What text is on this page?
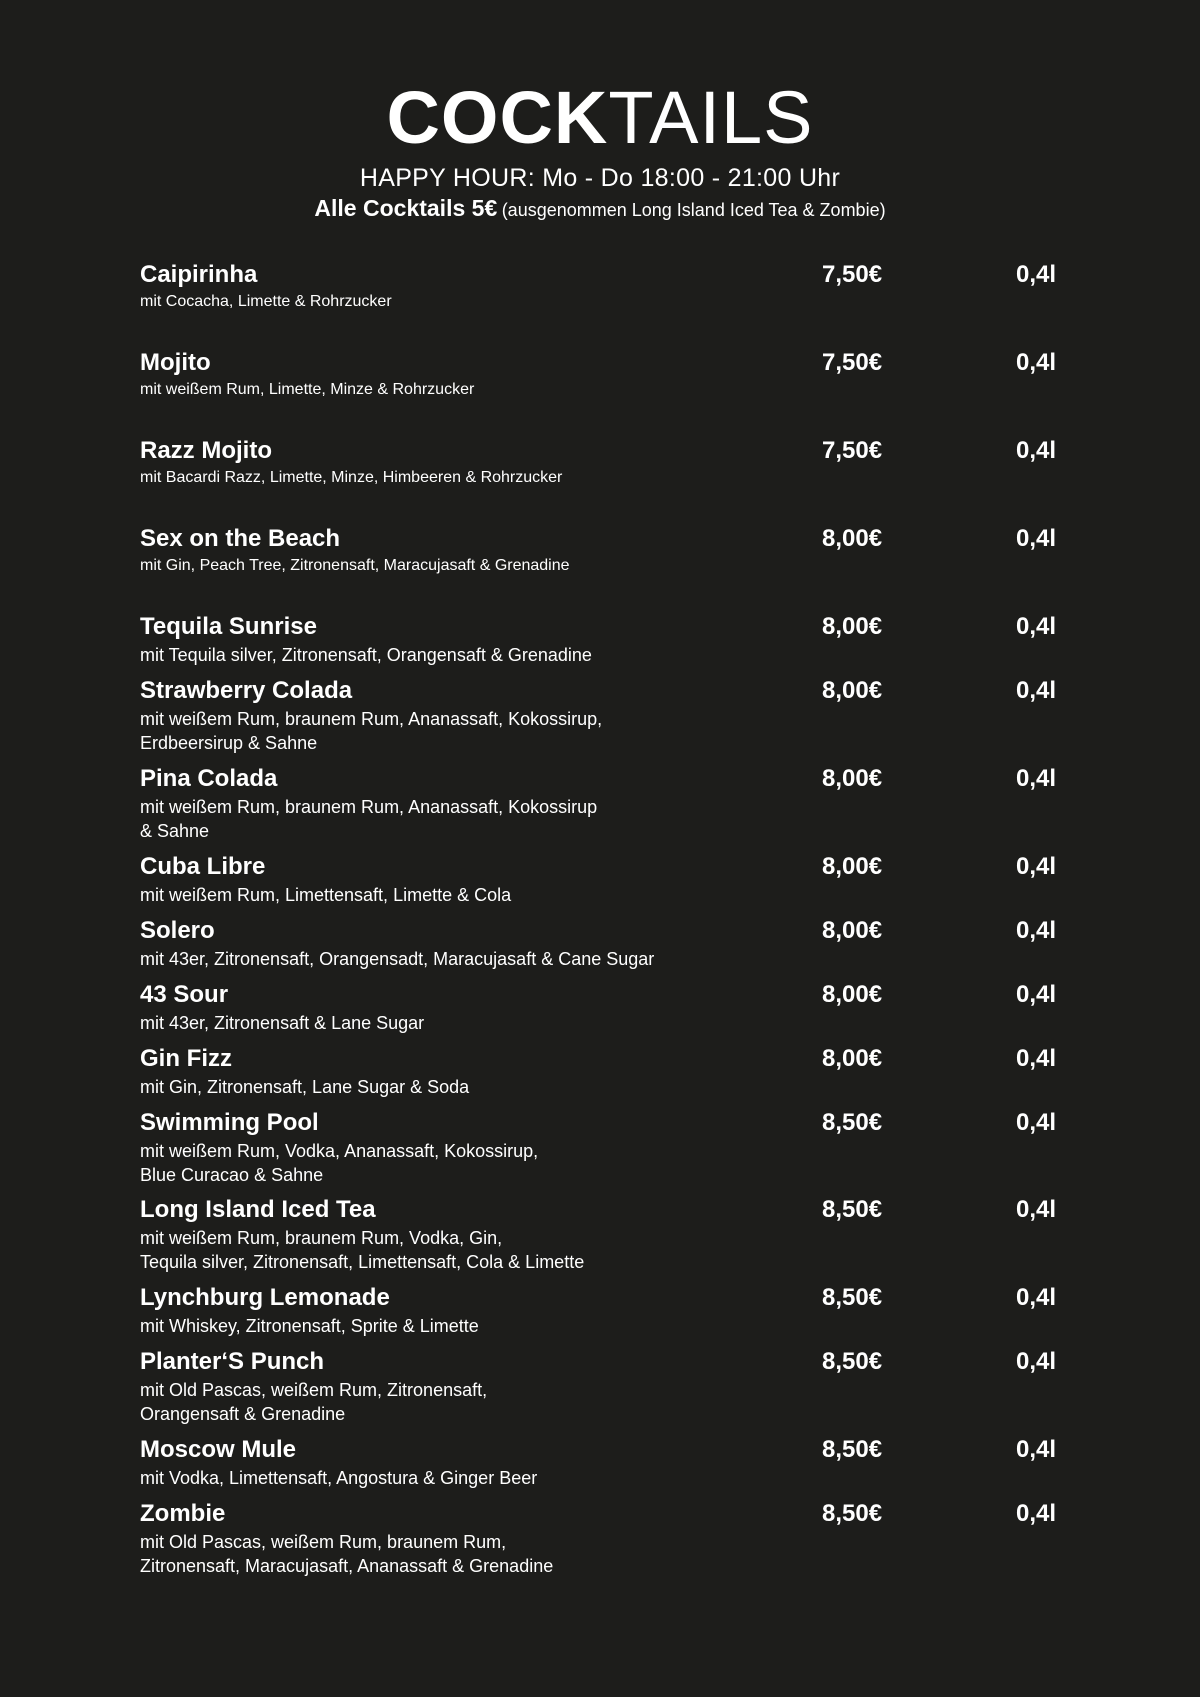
COCKTAILS
HAPPY HOUR: Mo - Do 18:00 - 21:00 Uhr
Alle Cocktails 5€ (ausgenommen Long Island Iced Tea & Zombie)
Caipirinha
mit Cocacha, Limette & Rohrzucker
7,50€	0,4l
Mojito
mit weißem Rum, Limette, Minze & Rohrzucker
7,50€	0,4l
Razz Mojito
mit Bacardi Razz, Limette, Minze, Himbeeren & Rohrzucker
7,50€	0,4l
Sex on the Beach
mit Gin, Peach Tree, Zitronensaft, Maracujasaft & Grenadine
8,00€	0,4l
Tequila Sunrise
mit Tequila silver, Zitronensaft, Orangensaft & Grenadine
8,00€	0,4l
Strawberry Colada
mit weißem Rum, braunem Rum, Ananassaft, Kokossirup,
Erdbeersirup & Sahne
8,00€	0,4l
Pina Colada
mit weißem Rum, braunem Rum, Ananassaft, Kokossirup
& Sahne
8,00€	0,4l
Cuba Libre
mit weißem Rum, Limettensaft, Limette & Cola
8,00€	0,4l
Solero
mit 43er, Zitronensaft, Orangensadt, Maracujasaft & Cane Sugar
8,00€	0,4l
43 Sour
mit 43er, Zitronensaft & Lane Sugar
8,00€	0,4l
Gin Fizz
mit Gin, Zitronensaft, Lane Sugar & Soda
8,00€	0,4l
Swimming Pool
mit weißem Rum, Vodka, Ananassaft, Kokossirup,
Blue Curacao & Sahne
8,50€	0,4l
Long Island Iced Tea
mit weißem Rum, braunem Rum, Vodka, Gin,
Tequila silver, Zitronensaft, Limettensaft, Cola & Limette
8,50€	0,4l
Lynchburg Lemonade
mit Whiskey, Zitronensaft, Sprite & Limette
8,50€	0,4l
Planter‘S Punch
mit Old Pascas, weißem Rum, Zitronensaft,
Orangensaft & Grenadine
8,50€	0,4l
Moscow Mule
mit Vodka, Limettensaft, Angostura & Ginger Beer
8,50€	0,4l
Zombie
mit Old Pascas, weißem Rum, braunem Rum,
Zitronensaft, Maracujasaft, Ananassaft & Grenadine
8,50€	0,4l
